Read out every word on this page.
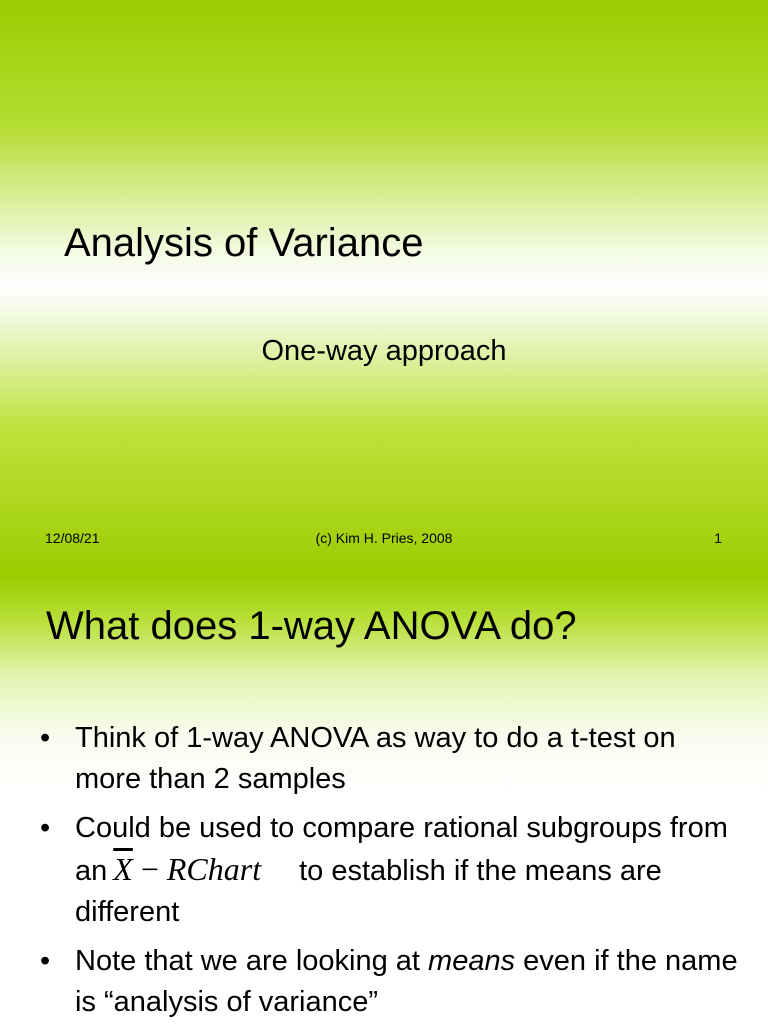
Analysis of Variance
One-way approach
12/08/21	(c) Kim H. Pries, 2008	1
What does 1-way ANOVA do?
• Think of 1-way ANOVA as way to do a t-test on more than 2 samples
• Could be used to compare rational subgroups from an $\overline{X}$ − RChart to establish if the means are different
• Note that we are looking at means even if the name is “analysis of variance”
